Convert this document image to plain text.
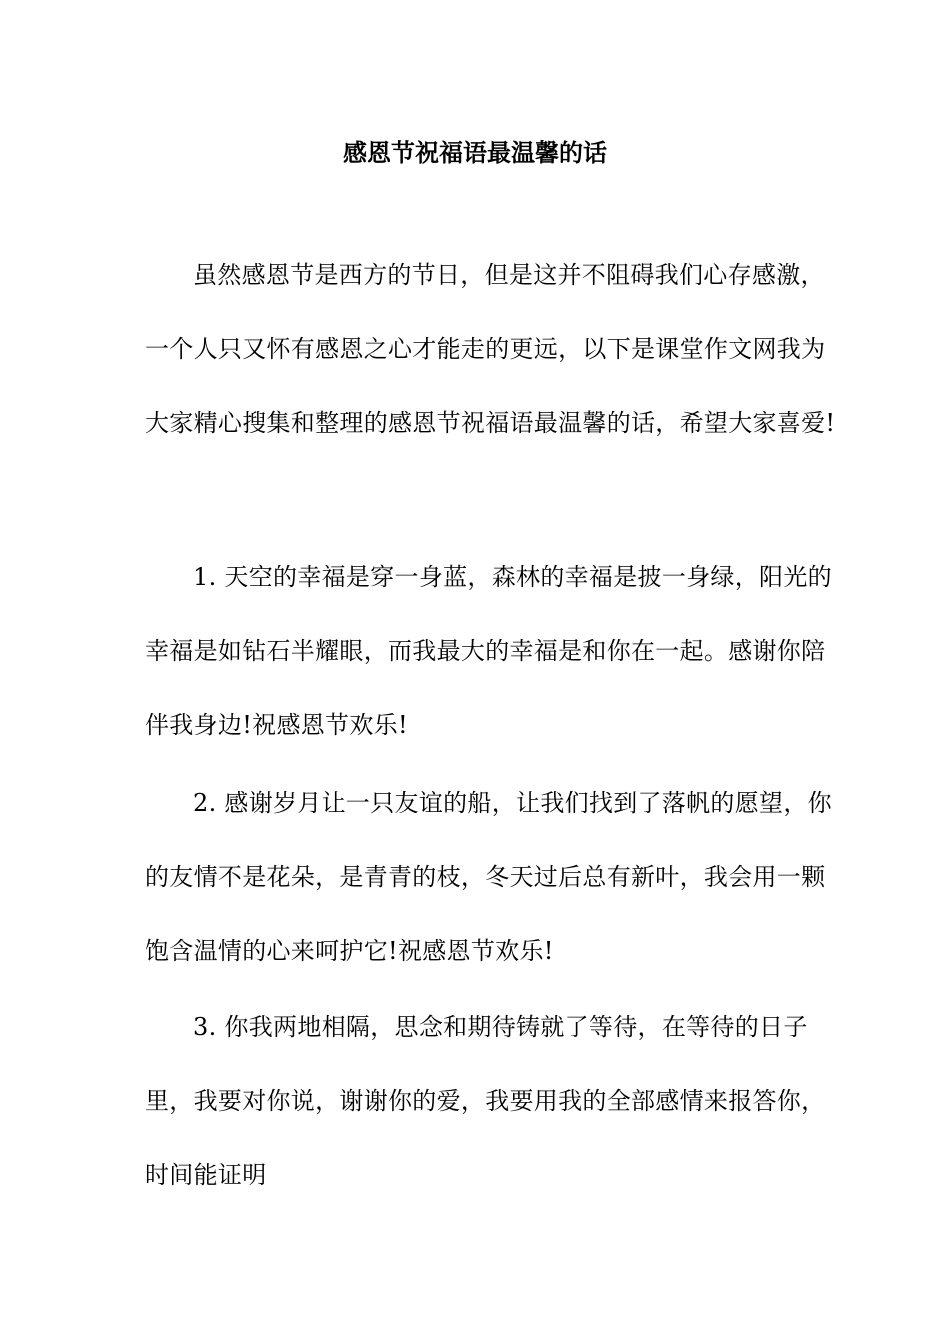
感恩节祝福语最温馨的话

虽然感恩节是西方的节日，但是这并不阻碍我们心存感激，一个人只又怀有感恩之心才能走的更远，以下是课堂作文网我为大家精心搜集和整理的感恩节祝福语最温馨的话，希望大家喜爱!

1. 天空的幸福是穿一身蓝，森林的幸福是披一身绿，阳光的幸福是如钻石半耀眼，而我最大的幸福是和你在一起。感谢你陪伴我身边!祝感恩节欢乐!

2. 感谢岁月让一只友谊的船，让我们找到了落帆的愿望，你的友情不是花朵，是青青的枝，冬天过后总有新叶，我会用一颗饱含温情的心来呵护它!祝感恩节欢乐!

3. 你我两地相隔，思念和期待铸就了等待，在等待的日子里，我要对你说，谢谢你的爱，我要用我的全部感情来报答你，时间能证明
